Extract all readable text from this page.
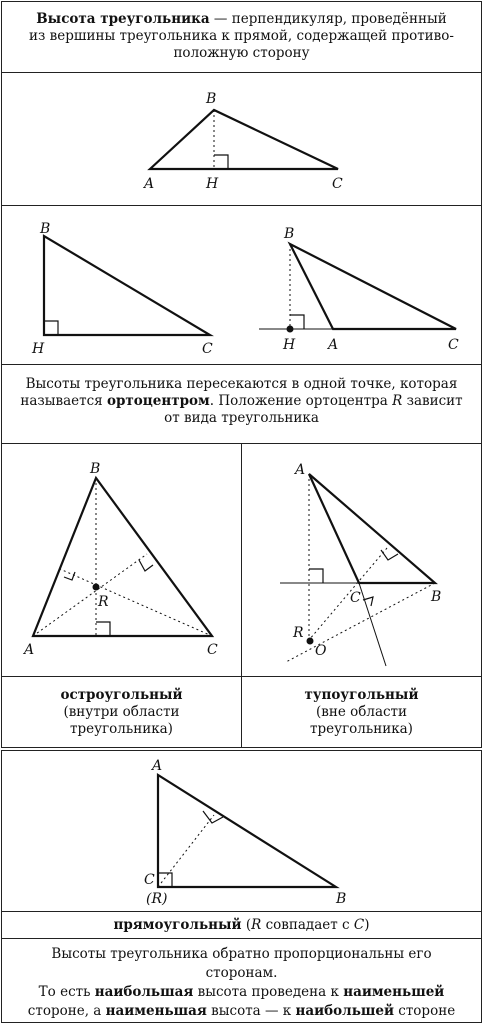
Высота треугольника — перпендикуляр, проведённый
из вершины треугольника к прямой, содержащей противо-
положную сторону
B
A	H	C
B
H	C
B
H A	C
Высоты треугольника пересекаются в одной точке, которая
называется ортоцентром. Положение ортоцентра R зависит
от вида треугольника
B
R
A	C
A
C	B
R
O
остроугольный
(внутри области
треугольника)
тупоугольный
(вне области
треугольника)
A
C
(R)	B
прямоугольный (R совпадает с C)
Высоты треугольника обратно пропорциональны его
сторонам.
То есть наибольшая высота проведена к наименьшей
стороне, а наименьшая высота — к наибольшей стороне
